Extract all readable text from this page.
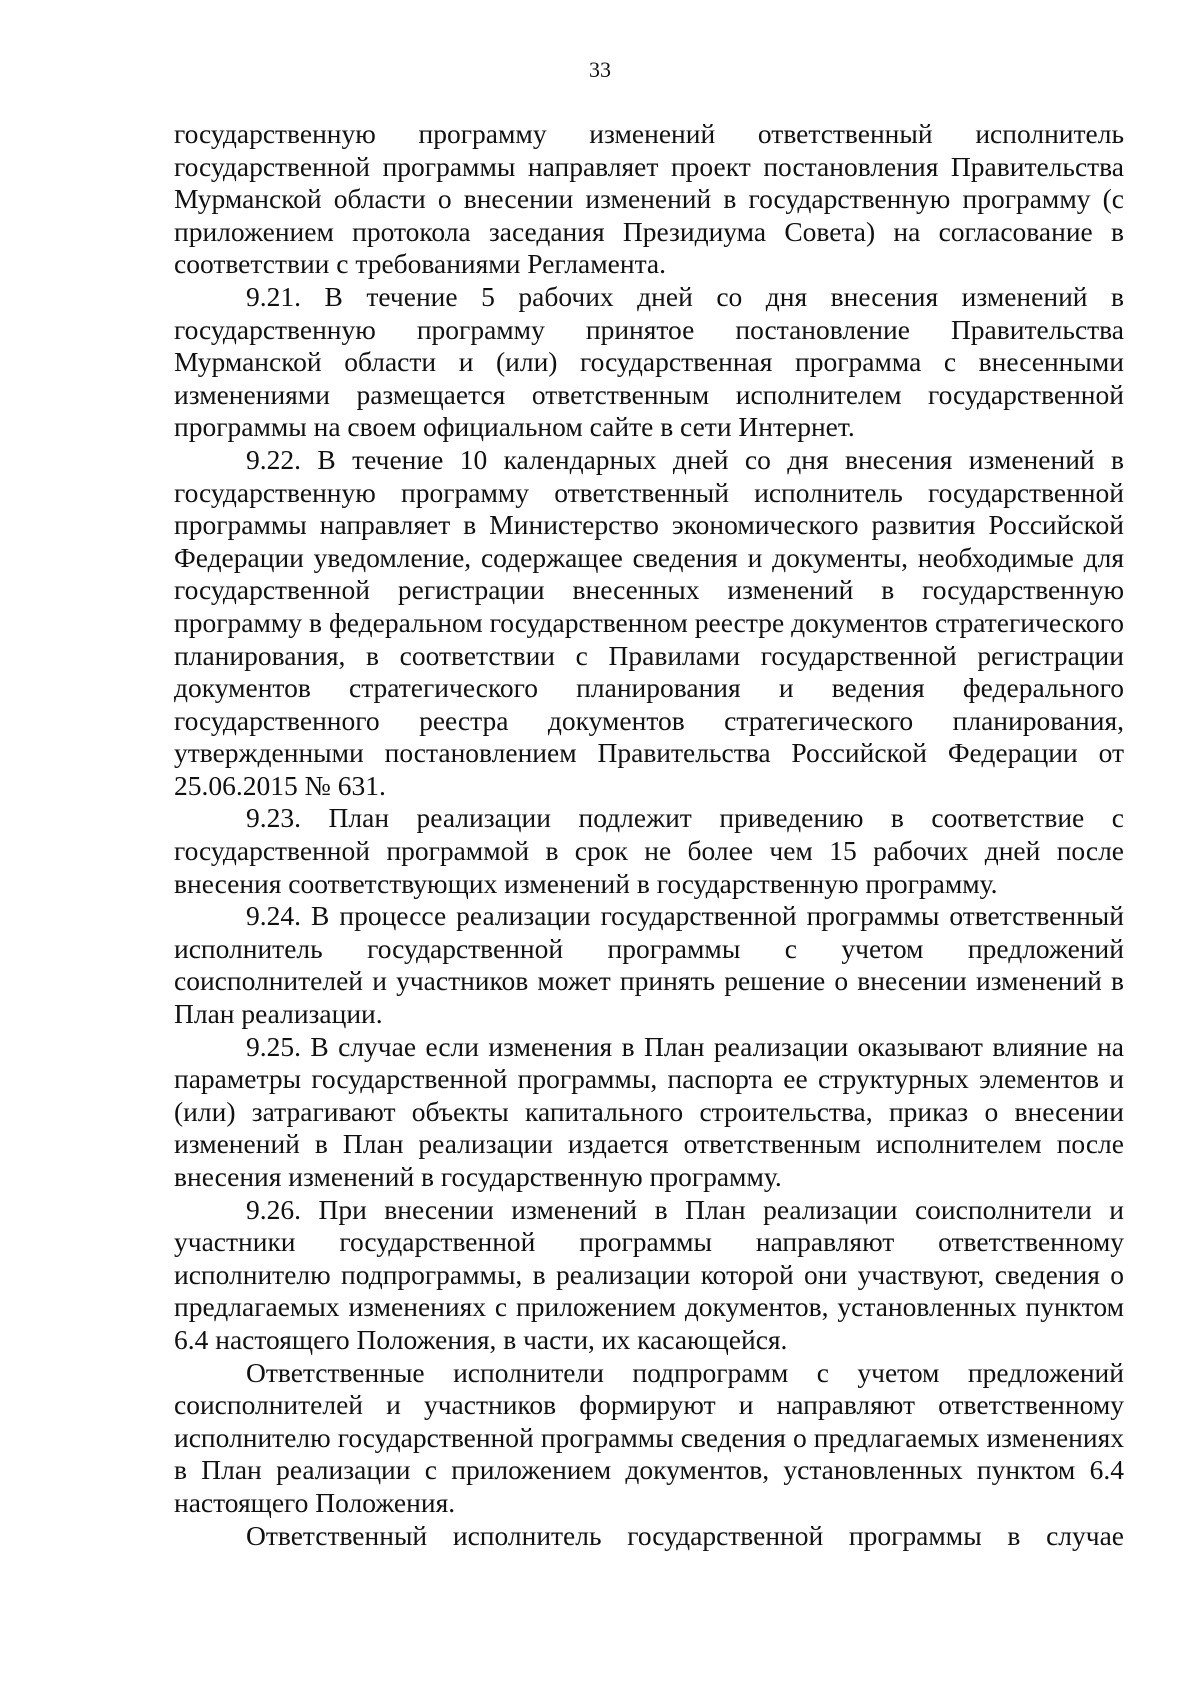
33

государственную программу изменений ответственный исполнитель государственной программы направляет проект постановления Правительства Мурманской области о внесении изменений в государственную программу (с приложением протокола заседания Президиума Совета) на согласование в соответствии с требованиями Регламента.

9.21. В течение 5 рабочих дней со дня внесения изменений в государственную программу принятое постановление Правительства Мурманской области и (или) государственная программа с внесенными изменениями размещается ответственным исполнителем государственной программы на своем официальном сайте в сети Интернет.

9.22. В течение 10 календарных дней со дня внесения изменений в государственную программу ответственный исполнитель государственной программы направляет в Министерство экономического развития Российской Федерации уведомление, содержащее сведения и документы, необходимые для государственной регистрации внесенных изменений в государственную программу в федеральном государственном реестре документов стратегического планирования, в соответствии с Правилами государственной регистрации документов стратегического планирования и ведения федерального государственного реестра документов стратегического планирования, утвержденными постановлением Правительства Российской Федерации от 25.06.2015 № 631.

9.23. План реализации подлежит приведению в соответствие с государственной программой в срок не более чем 15 рабочих дней после внесения соответствующих изменений в государственную программу.

9.24. В процессе реализации государственной программы ответственный исполнитель государственной программы с учетом предложений соисполнителей и участников может принять решение о внесении изменений в План реализации.

9.25. В случае если изменения в План реализации оказывают влияние на параметры государственной программы, паспорта ее структурных элементов и (или) затрагивают объекты капитального строительства, приказ о внесении изменений в План реализации издается ответственным исполнителем после внесения изменений в государственную программу.

9.26. При внесении изменений в План реализации соисполнители и участники государственной программы направляют ответственному исполнителю подпрограммы, в реализации которой они участвуют, сведения о предлагаемых изменениях с приложением документов, установленных пунктом 6.4 настоящего Положения, в части, их касающейся.

Ответственные исполнители подпрограмм с учетом предложений соисполнителей и участников формируют и направляют ответственному исполнителю государственной программы сведения о предлагаемых изменениях в План реализации с приложением документов, установленных пунктом 6.4 настоящего Положения.

Ответственный исполнитель государственной программы в случае
